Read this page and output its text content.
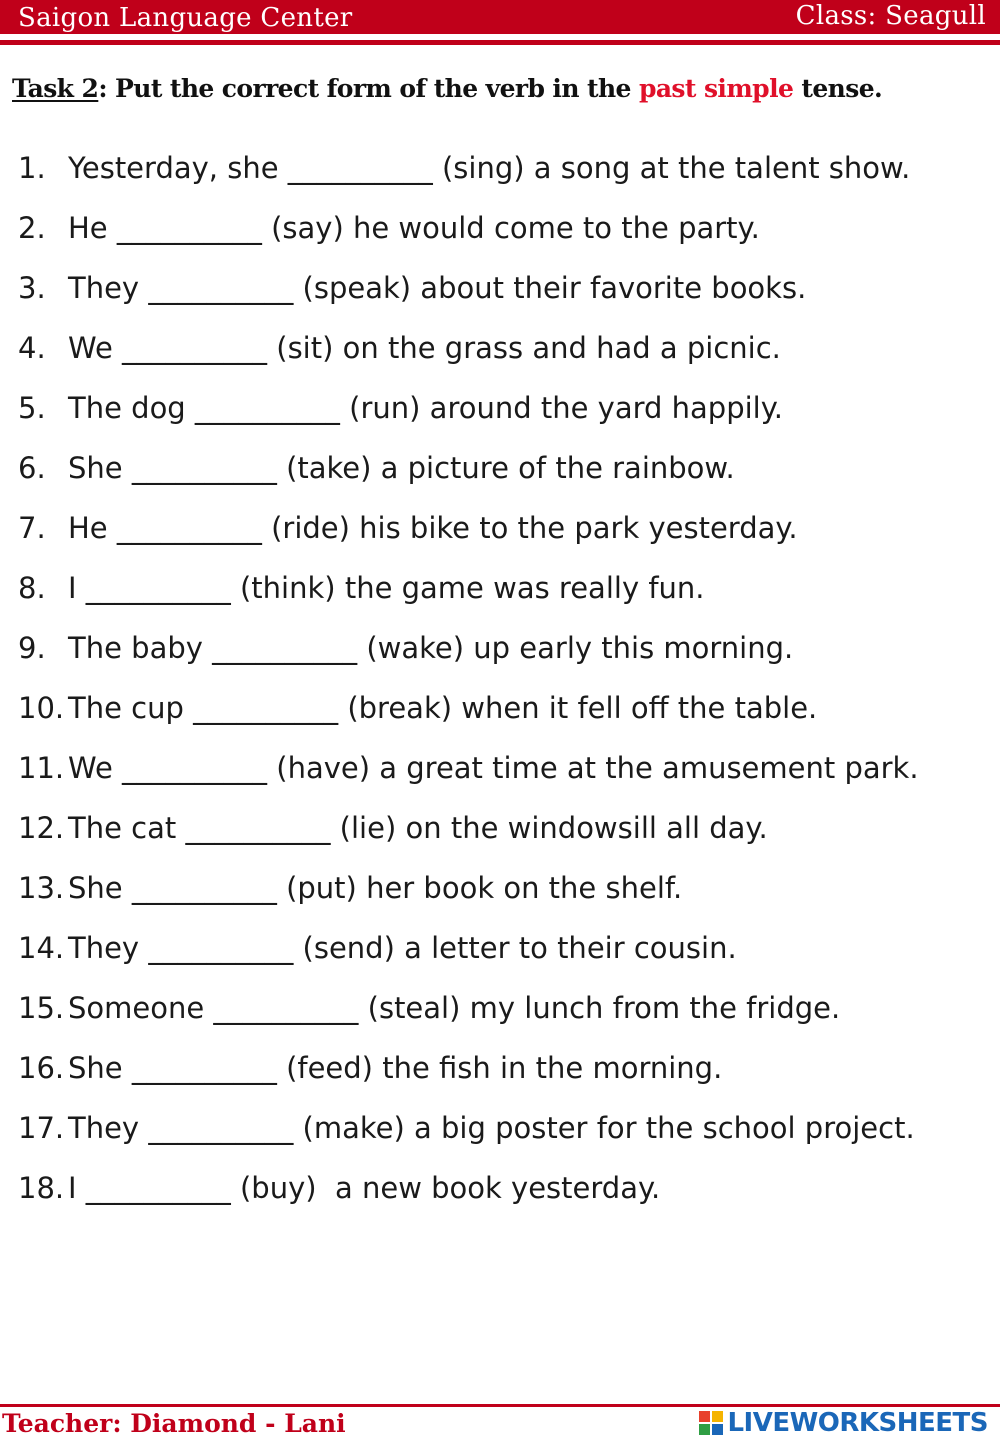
Saigon Language Center	Class: Seagull
Task 2: Put the correct form of the verb in the past simple tense.
1. Yesterday, she __________ (sing) a song at the talent show.
2. He __________ (say) he would come to the party.
3. They __________ (speak) about their favorite books.
4. We __________ (sit) on the grass and had a picnic.
5. The dog __________ (run) around the yard happily.
6. She __________ (take) a picture of the rainbow.
7. He __________ (ride) his bike to the park yesterday.
8. I __________ (think) the game was really fun.
9. The baby __________ (wake) up early this morning.
10. The cup __________ (break) when it fell off the table.
11. We __________ (have) a great time at the amusement park.
12. The cat __________ (lie) on the windowsill all day.
13. She __________ (put) her book on the shelf.
14. They __________ (send) a letter to their cousin.
15. Someone __________ (steal) my lunch from the fridge.
16. She __________ (feed) the fish in the morning.
17. They __________ (make) a big poster for the school project.
18. I __________ (buy)  a new book yesterday.
Teacher: Diamond - Lani	LIVEWORKSHEETS
